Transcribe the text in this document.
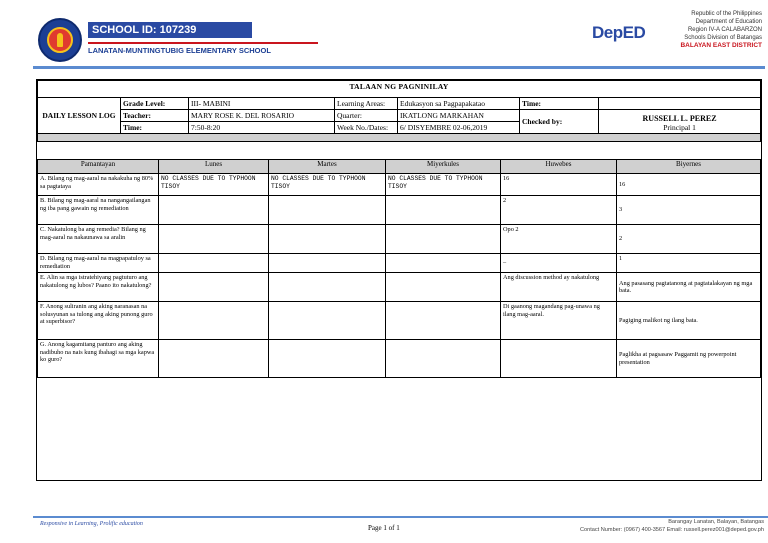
SCHOOL ID: 107239
LANATAN-MUNTINGTUBIG ELEMENTARY SCHOOL
DepED
Republic of the Philippines
Department of Education
Region IV-A CALABARZON
Schools Division of Batangas
BALAYAN EAST DISTRICT
TALAAN NG PAGNINILAY						
DAILY LESSON LOG	Grade Level:	III- MABINI	Learning Areas:	Edukasyon sa Pagpapakatao	Time:	
	Teacher:	MARY ROSE K. DEL ROSARIO	Quarter:	IKATLONG MARKAHAN	Checked by:	RUSSELL L. PEREZ
Principal 1

	Time:	7:50-8:20	Week No./Dates:	6/ DISYEMBRE 02-06,2019		

Pamantayan	Lunes	Martes	Miyerkules	Huwebes	Biyernes
A. Bilang ng mag-aaral na nakakuha ng 80% sa pagtataya	NO CLASSES DUE TO TYPHOON TISOY	NO CLASSES DUE TO TYPHOON TISOY	NO CLASSES DUE TO TYPHOON TISOY	16	16
B. Bilang ng mag-aaral na nangangailangan ng iba pang gawain ng remediation				2	3
C. Nakatulong ba ang remedia? Bilang ng mag-aaral na nakaunawa sa aralin				Opo 2	2
D. Bilang ng mag-aaral na magpapatuloy sa remediation				–	1
E. Alin sa mga istratehiyang pagtuturo ang nakatulong ng lubos? Paano ito nakatulong?				Ang discussion method ay nakatulong	Ang pasasang pagtatanong at pagtatalakayan ng mga bata.
F. Anong suliranin ang aking naranasan na solusyunan sa tulong ang aking punong guro at superbisor?				Di gaanong magandang pag-unawa ng ilang mag-aaral.	Pagiging malikot ng ilang bata.
G. Anong kagamitang panturo ang aking nadibuho na nais kung ibahagi sa mga kapwa ko guro?					Paglikha at pagsasaw Paggamit ng powerpoint presentation
Responsive in Learning, Prolific education	Page 1 of 1
Barangay Lanatan, Balayan, Batangas
Contact Number: (0967) 400-3567 Email: russell.perez001@deped.gov.ph
